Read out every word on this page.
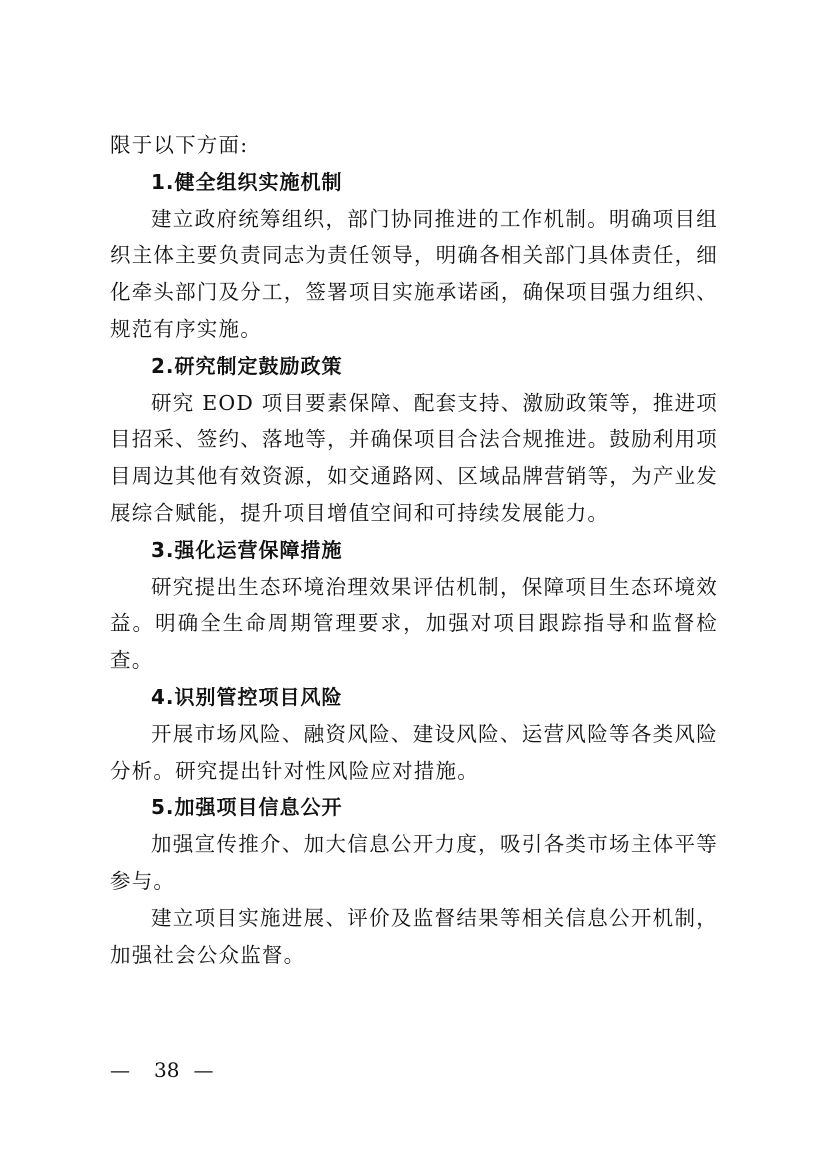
限于以下方面:

1.健全组织实施机制

建立政府统筹组织，部门协同推进的工作机制。明确项目组织主体主要负责同志为责任领导，明确各相关部门具体责任，细化牵头部门及分工，签署项目实施承诺函，确保项目强力组织、规范有序实施。

2.研究制定鼓励政策

研究 EOD 项目要素保障、配套支持、激励政策等，推进项目招采、签约、落地等，并确保项目合法合规推进。鼓励利用项目周边其他有效资源，如交通路网、区域品牌营销等，为产业发展综合赋能，提升项目增值空间和可持续发展能力。

3.强化运营保障措施

研究提出生态环境治理效果评估机制，保障项目生态环境效益。明确全生命周期管理要求，加强对项目跟踪指导和监督检查。

4.识别管控项目风险

开展市场风险、融资风险、建设风险、运营风险等各类风险分析。研究提出针对性风险应对措施。

5.加强项目信息公开

加强宣传推介、加大信息公开力度，吸引各类市场主体平等参与。

建立项目实施进展、评价及监督结果等相关信息公开机制，加强社会公众监督。

— 38 —
